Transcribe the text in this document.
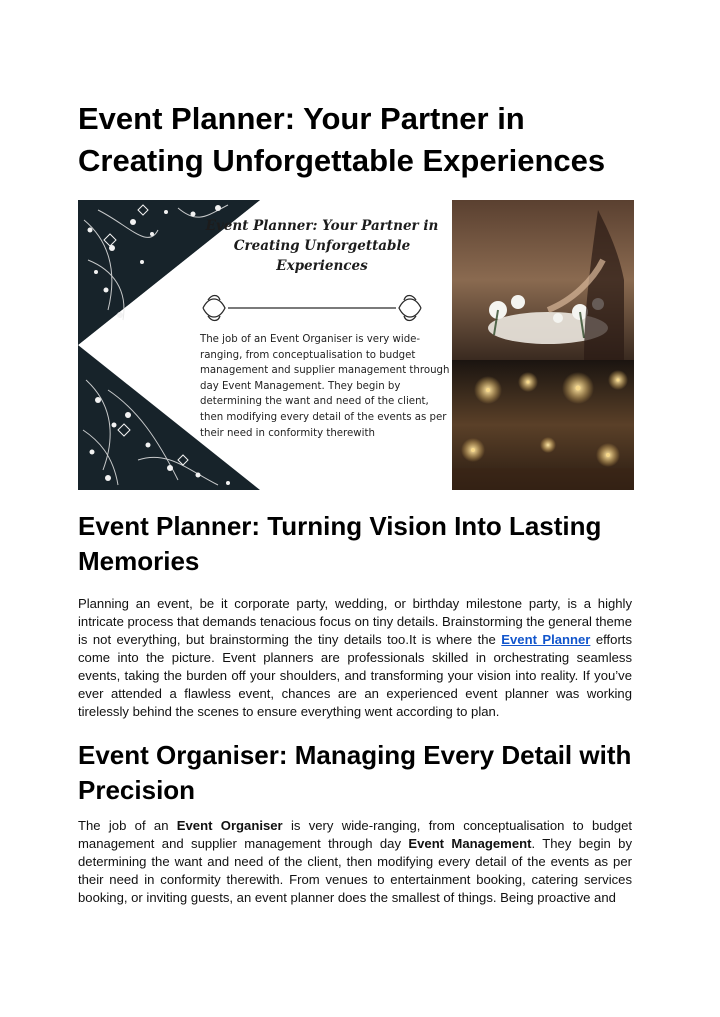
Event Planner: Your Partner in Creating Unforgettable Experiences
Event Planner: Your Partner in Creating Unforgettable Experiences
The job of an Event Organiser is very wide-ranging, from conceptualisation to budget management and supplier management through day Event Management. They begin by determining the want and need of the client, then modifying every detail of the events as per their need in conformity therewith
Event Planner: Turning Vision Into Lasting Memories

Planning an event, be it corporate party, wedding, or birthday milestone party, is a highly intricate process that demands tenacious focus on tiny details. Brainstorming the general theme is not everything, but brainstorming the tiny details too.It is where the Event Planner efforts come into the picture. Event planners are professionals skilled in orchestrating seamless events, taking the burden off your shoulders, and transforming your vision into reality. If you’ve ever attended a flawless event, chances are an experienced event planner was working tirelessly behind the scenes to ensure everything went according to plan.

Event Organiser: Managing Every Detail with Precision

The job of an Event Organiser is very wide-ranging, from conceptualisation to budget management and supplier management through day Event Management. They begin by determining the want and need of the client, then modifying every detail of the events as per their need in conformity therewith. From venues to entertainment booking, catering services booking, or inviting guests, an event planner does the smallest of things. Being proactive and
